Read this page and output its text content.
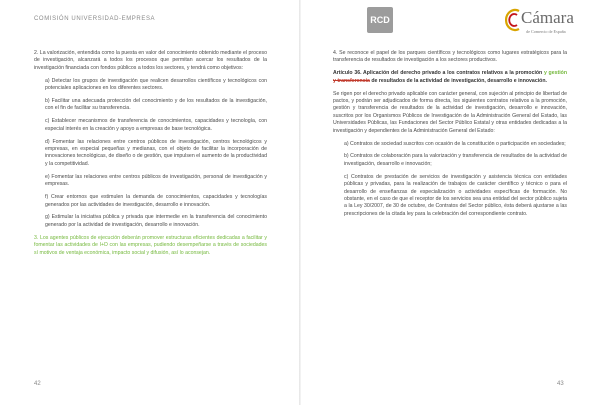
COMISIÓN UNIVERSIDAD-EMPRESA	RCD	Cámara
de Comercio de España

2. La valorización, entendida como la puesta en valor del conocimiento obtenido mediante el proceso de investigación, alcanzará a todos los procesos que permitan acercar los resultados de la investigación financiada con fondos públicos a todos los sectores, y tendrá como objetivos:

a) Detectar los grupos de investigación que realicen desarrollos científicos y tecnológicos con potenciales aplicaciones en los diferentes sectores.

b) Facilitar una adecuada protección del conocimiento y de los resultados de la investigación, con el fin de facilitar su transferencia.

c) Establecer mecanismos de transferencia de conocimientos, capacidades y tecnología, con especial interés en la creación y apoyo a empresas de base tecnológica.

d) Fomentar las relaciones entre centros públicos de investigación, centros tecnológicos y empresas, en especial pequeñas y medianas, con el objeto de facilitar la incorporación de innovaciones tecnológicas, de diseño o de gestión, que impulsen el aumento de la productividad y la competitividad.

e) Fomentar las relaciones entre centros públicos de investigación, personal de investigación y empresas.

f) Crear entornos que estimulen la demanda de conocimientos, capacidades y tecnologías generados por las actividades de investigación, desarrollo e innovación.

g) Estimular la iniciativa pública y privada que intermedie en la transferencia del conocimiento generado por la actividad de investigación, desarrollo e innovación.

3. Los agentes públicos de ejecución deberán promover estructuras eficientes dedicadas a facilitar y fomentar las actividades de I+D con las empresas, pudiendo desempeñarse a través de sociedades sí motivos de ventaja económica, impacto social y difusión, así lo aconsejan.

4. Se reconoce el papel de los parques científicos y tecnológicos como lugares estratégicos para la transferencia de resultados de investigación a los sectores productivos.

Artículo 36. Aplicación del derecho privado a los contratos relativos a la promoción y gestión y transferencia de resultados de la actividad de investigación, desarrollo e innovación.

Se rigen por el derecho privado aplicable con carácter general, con sujeción al principio de libertad de pactos, y podrán ser adjudicados de forma directa, los siguientes contratos relativos a la promoción, gestión y transferencia de resultados de la actividad de investigación, desarrollo e innovación, suscritos por los Organismos Públicos de Investigación de la Administración General del Estado, las Universidades Públicas, las Fundaciones del Sector Público Estatal y otras entidades dedicadas a la investigación y dependientes de la Administración General del Estado:

a) Contratos de sociedad suscritos con ocasión de la constitución o participación en sociedades;

b) Contratos de colaboración para la valorización y transferencia de resultados de la actividad de investigación, desarrollo e innovación;

c) Contratos de prestación de servicios de investigación y asistencia técnica con entidades públicas y privadas, para la realización de trabajos de carácter científico y técnico o para el desarrollo de enseñanzas de especialización o actividades específicas de formación. No obstante, en el caso de que el receptor de los servicios sea una entidad del sector público sujeta a la Ley 30/2007, de 30 de octubre, de Contratos del Sector público, ésta deberá ajustarse a las prescripciones de la citada ley para la celebración del correspondiente contrato.

42	43
